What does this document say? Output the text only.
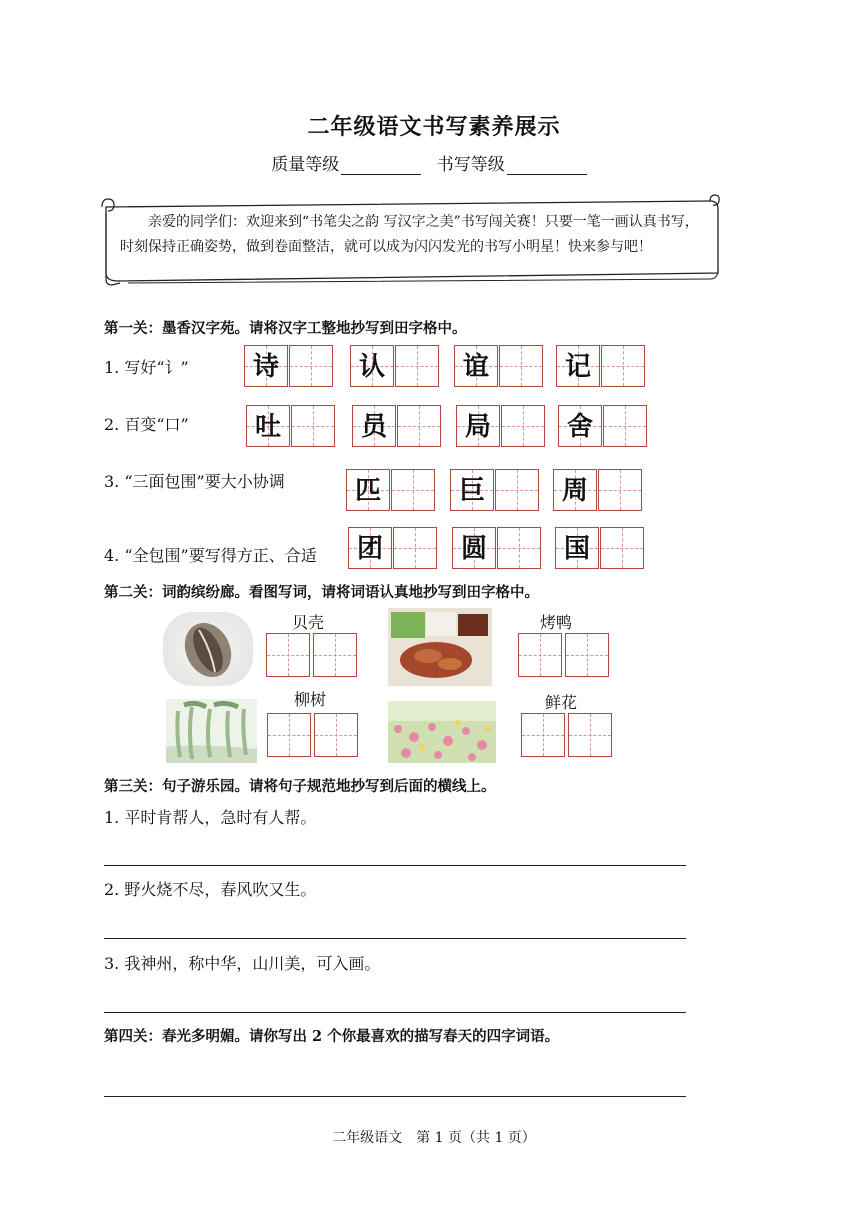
二年级语文书写素养展示
质量等级	书写等级
亲爱的同学们：欢迎来到“书笔尖之韵 写汉字之美”书写闯关赛！只要一笔一画认真书写，时刻保持正确姿势，做到卷面整洁，就可以成为闪闪发光的书写小明星！快来参与吧！
第一关：墨香汉字苑。请将汉字工整地抄写到田字格中。
1. 写好“讠”	诗	认	谊	记
2. 百变“口”	吐	员	局	舍
3. “三面包围”要大小协调	匹	巨	周
4. “全包围”要写得方正、合适	团	圆	国
第二关：词韵缤纷廊。看图写词，请将词语认真地抄写到田字格中。
贝壳	烤鸭
柳树	鲜花
第三关：句子游乐园。请将句子规范地抄写到后面的横线上。
1. 平时肯帮人，急时有人帮。
2. 野火烧不尽，春风吹又生。
3. 我神州，称中华，山川美，可入画。
第四关：春光多明媚。请你写出 2 个你最喜欢的描写春天的四字词语。
二年级语文　第 1 页（共 1 页）
